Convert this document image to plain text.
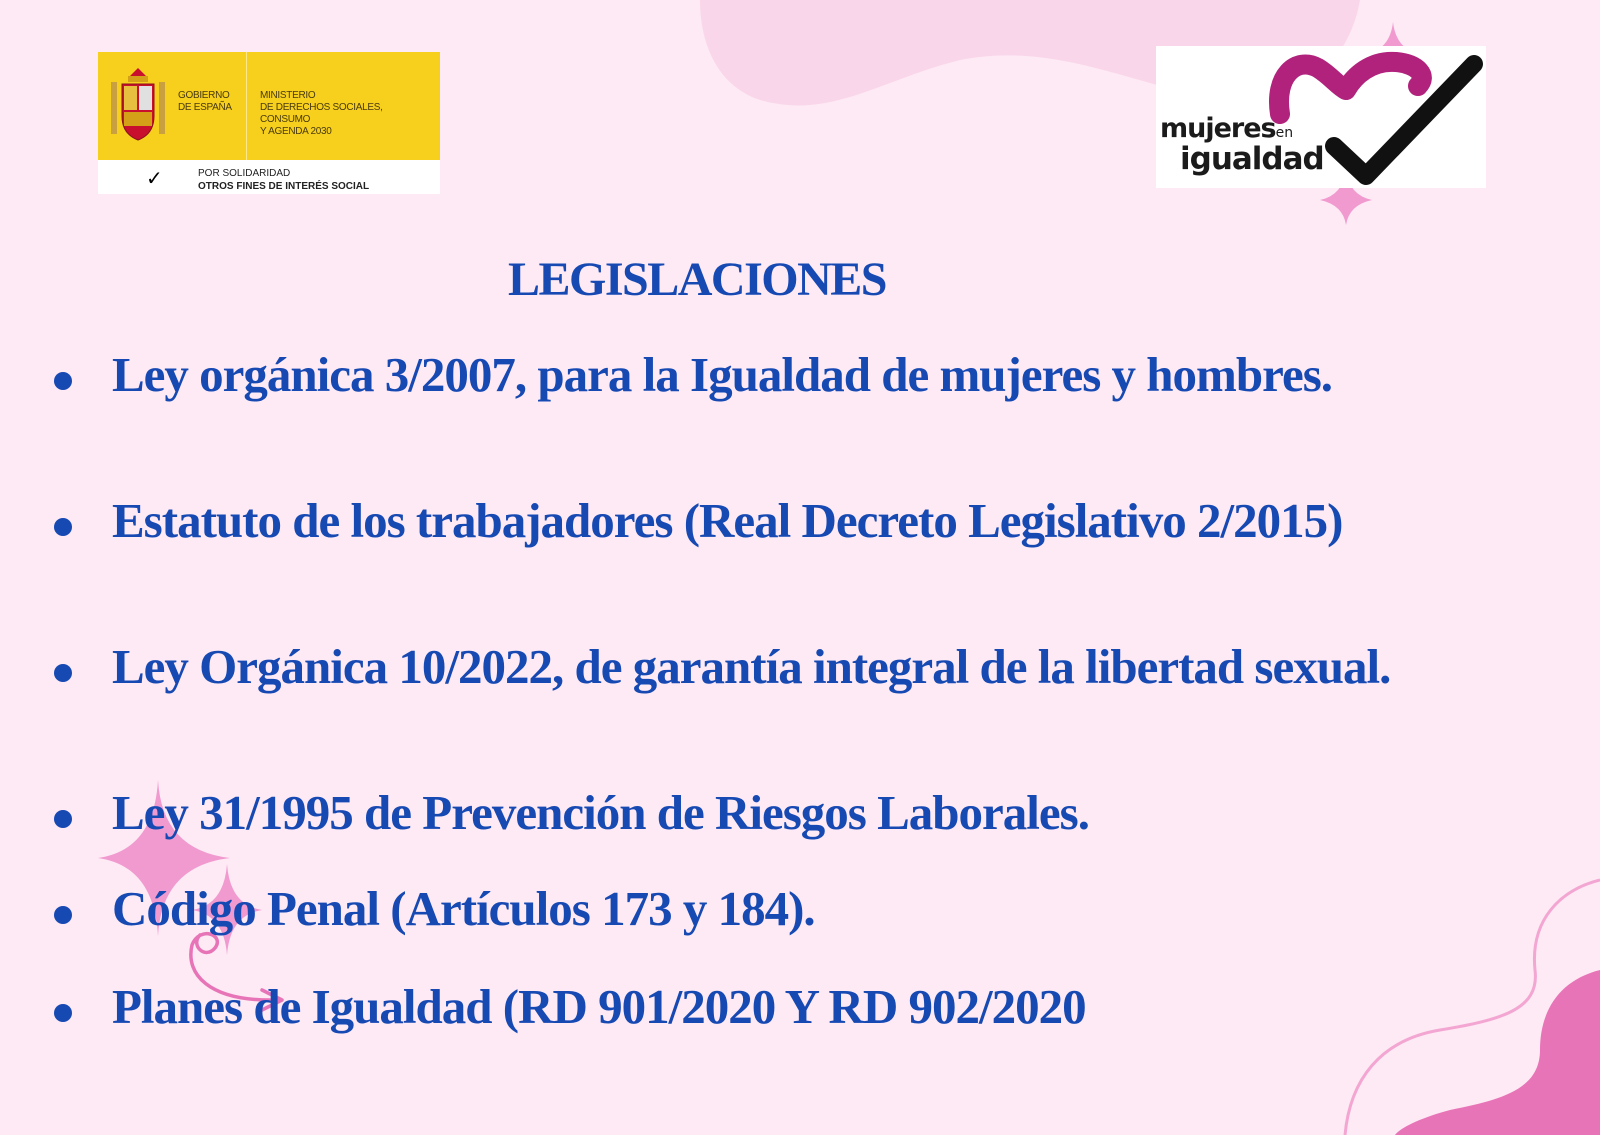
GOBIERNO
DE ESPAÑA
MINISTERIO
DE DERECHOS SOCIALES, CONSUMO
Y AGENDA 2030
✓	POR SOLIDARIDAD
OTROS FINES DE INTERÉS SOCIAL
mujeresen
igualdad
LEGISLACIONES
Ley orgánica 3/2007, para la Igualdad de mujeres y hombres.
Estatuto de los trabajadores (Real Decreto Legislativo 2/2015)
Ley Orgánica 10/2022, de garantía integral de la libertad sexual.
Ley 31/1995 de Prevención de Riesgos Laborales.
Código Penal (Artículos 173 y 184).
Planes de Igualdad (RD 901/2020 Y RD 902/2020
